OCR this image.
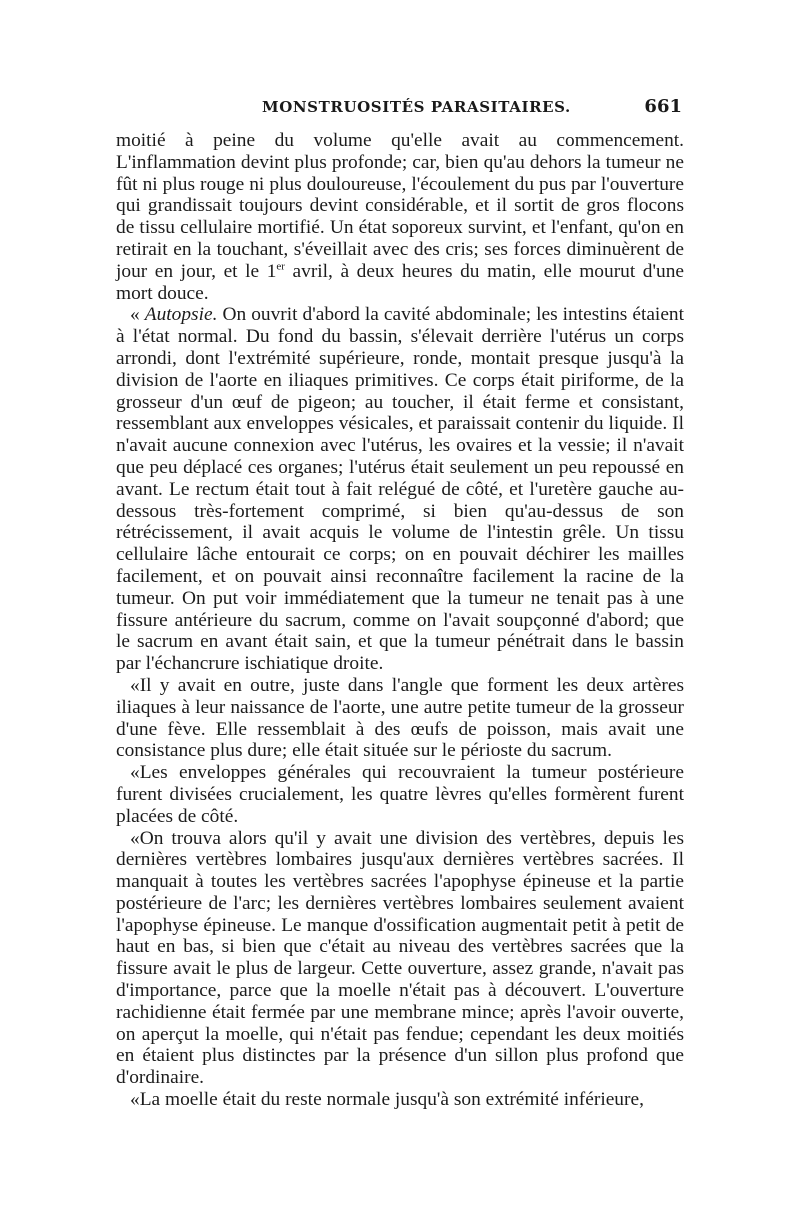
MONSTRUOSITÉS PARASITAIRES.	661

moitié à peine du volume qu'elle avait au commencement. L'inflammation devint plus profonde; car, bien qu'au dehors la tumeur ne fût ni plus rouge ni plus douloureuse, l'écoulement du pus par l'ouverture qui grandissait toujours devint considérable, et il sortit de gros flocons de tissu cellulaire mortifié. Un état soporeux survint, et l'enfant, qu'on en retirait en la touchant, s'éveillait avec des cris; ses forces diminuèrent de jour en jour, et le 1er avril, à deux heures du matin, elle mourut d'une mort douce.

« Autopsie. On ouvrit d'abord la cavité abdominale; les intestins étaient à l'état normal. Du fond du bassin, s'élevait derrière l'utérus un corps arrondi, dont l'extrémité supérieure, ronde, montait presque jusqu'à la division de l'aorte en iliaques primitives. Ce corps était piriforme, de la grosseur d'un œuf de pigeon; au toucher, il était ferme et consistant, ressemblant aux enveloppes vésicales, et paraissait contenir du liquide. Il n'avait aucune connexion avec l'utérus, les ovaires et la vessie; il n'avait que peu déplacé ces organes; l'utérus était seulement un peu repoussé en avant. Le rectum était tout à fait relégué de côté, et l'uretère gauche au-dessous très-fortement comprimé, si bien qu'au-dessus de son rétrécissement, il avait acquis le volume de l'intestin grêle. Un tissu cellulaire lâche entourait ce corps; on en pouvait déchirer les mailles facilement, et on pouvait ainsi reconnaître facilement la racine de la tumeur. On put voir immédiatement que la tumeur ne tenait pas à une fissure antérieure du sacrum, comme on l'avait soupçonné d'abord; que le sacrum en avant était sain, et que la tumeur pénétrait dans le bassin par l'échancrure ischiatique droite.

«Il y avait en outre, juste dans l'angle que forment les deux artères iliaques à leur naissance de l'aorte, une autre petite tumeur de la grosseur d'une fève. Elle ressemblait à des œufs de poisson, mais avait une consistance plus dure; elle était située sur le périoste du sacrum.

«Les enveloppes générales qui recouvraient la tumeur postérieure furent divisées crucialement, les quatre lèvres qu'elles formèrent furent placées de côté.

«On trouva alors qu'il y avait une division des vertèbres, depuis les dernières vertèbres lombaires jusqu'aux dernières vertèbres sacrées. Il manquait à toutes les vertèbres sacrées l'apophyse épineuse et la partie postérieure de l'arc; les dernières vertèbres lombaires seulement avaient l'apophyse épineuse. Le manque d'ossification augmentait petit à petit de haut en bas, si bien que c'était au niveau des vertèbres sacrées que la fissure avait le plus de largeur. Cette ouverture, assez grande, n'avait pas d'importance, parce que la moelle n'était pas à découvert. L'ouverture rachidienne était fermée par une membrane mince; après l'avoir ouverte, on aperçut la moelle, qui n'était pas fendue; cependant les deux moitiés en étaient plus distinctes par la présence d'un sillon plus profond que d'ordinaire.

«La moelle était du reste normale jusqu'à son extrémité inférieure,
